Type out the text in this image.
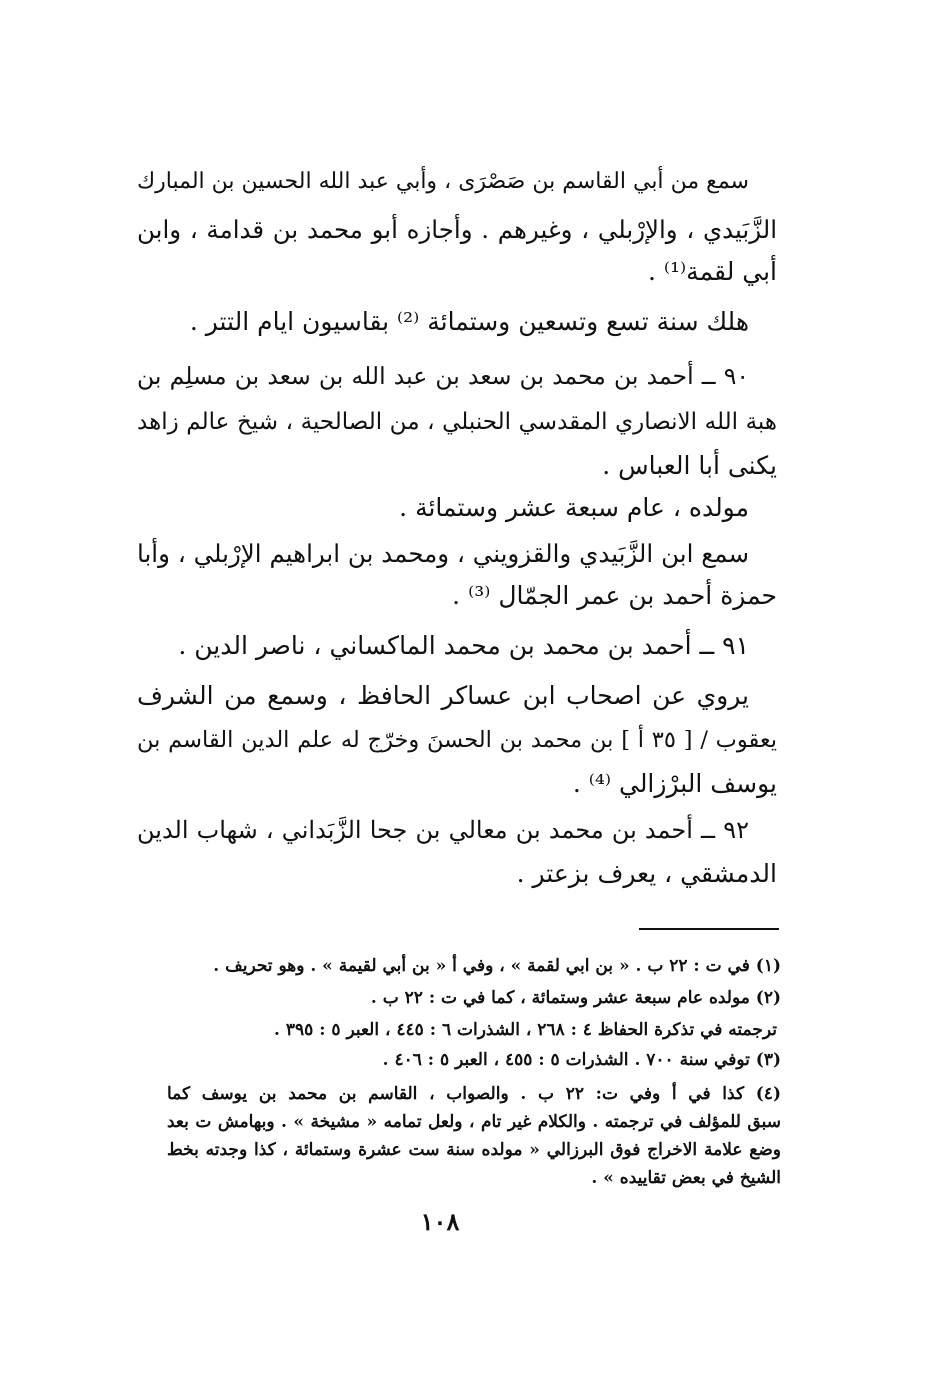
سمع من أبي القاسم بن صَصْرَى ، وأبي عبد الله الحسين بن المبارك
الزَّبَيدي ، والإرْبلي ، وغيرهم . وأجازه أبو محمد بن قدامة ، وابن
أبي لقمة⁽¹⁾ .
هلك سنة تسع وتسعين وستمائة ⁽²⁾ بقاسيون ايام التتر .
٩٠ ــ أحمد بن محمد بن سعد بن عبد الله بن سعد بن مسلِم بن
هبة الله الانصاري المقدسي الحنبلي ، من الصالحية ، شيخ عالم زاهد
يكنى أبا العباس .
مولده ، عام سبعة عشر وستمائة .
سمع ابن الزَّبَيدي والقزويني ، ومحمد بن ابراهيم الإرْبلي ، وأبا
حمزة أحمد بن عمر الجمّال ⁽³⁾ .
٩١ ــ أحمد بن محمد بن محمد الماكساني ، ناصر الدين .
يروي عن اصحاب ابن عساكر الحافظ ، وسمع من الشرف
يعقوب / [ ٣٥ أ ] بن محمد بن الحسنَ وخرّج له علم الدين القاسم بن
يوسف البرْزالي ⁽⁴⁾ .
٩٢ ــ أحمد بن محمد بن معالي بن جحا الزَّبَداني ، شهاب الدين
الدمشقي ، يعرف بزعتر .
(١) في ت : ٢٢ ب . « بن ابي لقمة » ، وفي أ « بن أبي لقيمة » . وهو تحريف .
(٢) مولده عام سبعة عشر وستمائة ، كما في ت : ٢٢ ب .
ترجمته في تذكرة الحفاظ ٤ : ٢٦٨ ، الشذرات ٦ : ٤٤٥ ، العبر ٥ : ٣٩٥ .
(٣) توفي سنة ٧٠٠ . الشذرات ٥ : ٤٥٥ ، العبر ٥ : ٤٠٦ .
(٤) كذا في أ وفي ت: ٢٢ ب . والصواب ، القاسم بن محمد بن يوسف كما
سبق للمؤلف في ترجمته . والكلام غير تام ، ولعل تمامه « مشيخة » . وبهامش ت بعد
وضع علامة الاخراج فوق البرزالي « مولده سنة ست عشرة وستمائة ، كذا وجدته بخط
الشيخ في بعض تقاييده » .
١٠٨
